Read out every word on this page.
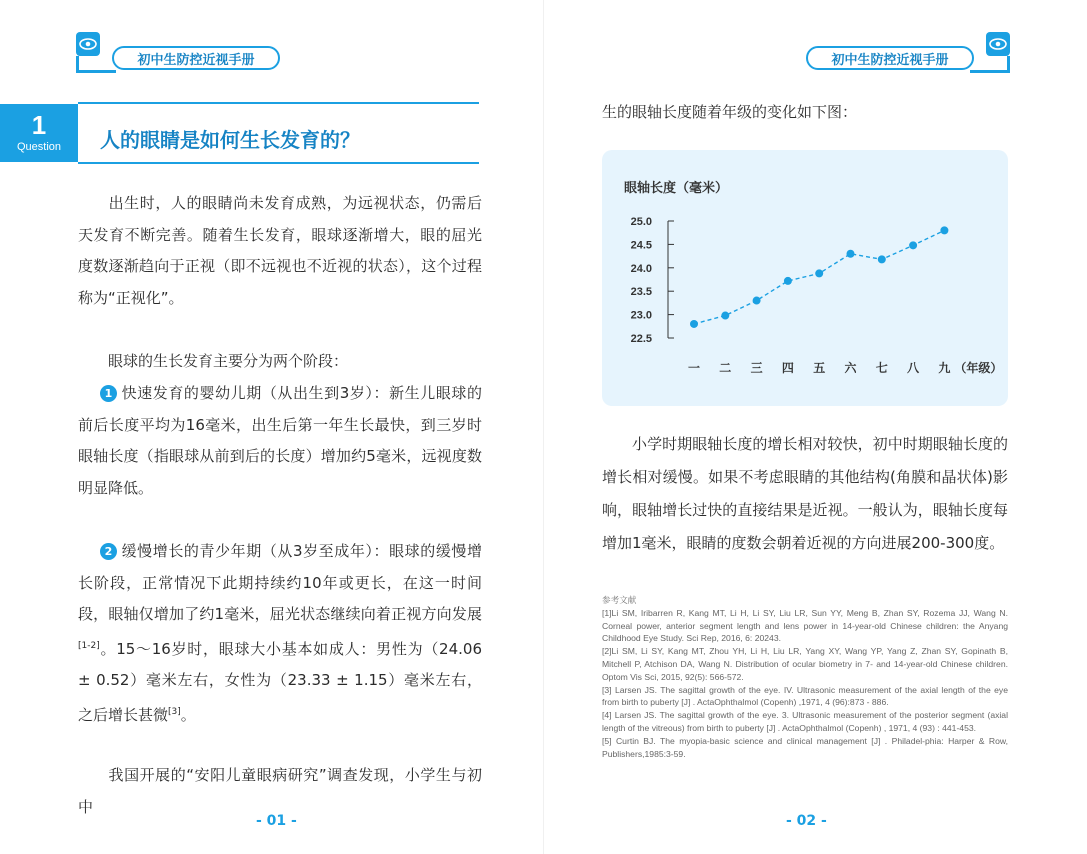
初中生防控近视手册
1
Question	人的眼睛是如何生长发育的？

出生时，人的眼睛尚未发育成熟，为远视状态，仍需后天发育不断完善。随着生长发育，眼球逐渐增大，眼的屈光度数逐渐趋向于正视（即不远视也不近视的状态），这个过程称为“正视化”。

眼球的生长发育主要分为两个阶段：

1 快速发育的婴幼儿期（从出生到3岁）：新生儿眼球的前后长度平均为16毫米，出生后第一年生长最快，到三岁时眼轴长度（指眼球从前到后的长度）增加约5毫米，远视度数明显降低。

2 缓慢增长的青少年期（从3岁至成年）：眼球的缓慢增长阶段，正常情况下此期持续约10年或更长，在这一时间段，眼轴仅增加了约1毫米，屈光状态继续向着正视方向发展[1-2]。15～16岁时，眼球大小基本如成人：男性为（24.06 ± 0.52）毫米左右，女性为（23.33 ± 1.15）毫米左右，之后增长甚微[3]。

我国开展的“安阳儿童眼病研究”调查发现，小学生与初中

- 01 -
初中生防控近视手册

生的眼轴长度随着年级的变化如下图：

眼轴长度（毫米）
22.5
23.0
23.5
24.0
24.5
25.0
一 二 三 四 五 六 七 八 九 （年级）

小学时期眼轴长度的增长相对较快，初中时期眼轴长度的增长相对缓慢。如果不考虑眼睛的其他结构(角膜和晶状体)影响，眼轴增长过快的直接结果是近视。一般认为，眼轴长度每增加1毫米，眼睛的度数会朝着近视的方向进展200-300度。

参考文献
[1]Li SM, Iribarren R, Kang MT, Li H, Li SY, Liu LR, Sun YY, Meng B, Zhan SY, Rozema JJ, Wang N. Corneal power, anterior segment length and lens power in 14-year-old Chinese children: the Anyang Childhood Eye Study. Sci Rep, 2016, 6: 20243.
[2]Li SM, Li SY, Kang MT, Zhou YH, Li H, Liu LR, Yang XY, Wang YP, Yang Z, Zhan SY, Gopinath B, Mitchell P, Atchison DA, Wang N. Distribution of ocular biometry in 7- and 14-year-old Chinese children. Optom Vis Sci, 2015, 92(5): 566-572.
[3] Larsen JS. The sagittal growth of the eye. IV. Ultrasonic measurement of the axial length of the eye from birth to puberty [J] . ActaOphthalmol (Copenh) ,1971, 4 (96):873 - 886.
[4] Larsen JS. The sagittal growth of the eye. 3. Ultrasonic measurement of the posterior segment (axial length of the vitreous) from birth to puberty [J] . ActaOphthalmol (Copenh) , 1971, 4 (93) : 441-453.
[5] Curtin BJ. The myopia-basic science and clinical management [J] . Philadel-phia: Harper & Row, Publishers,1985:3-59.
- 02 -
